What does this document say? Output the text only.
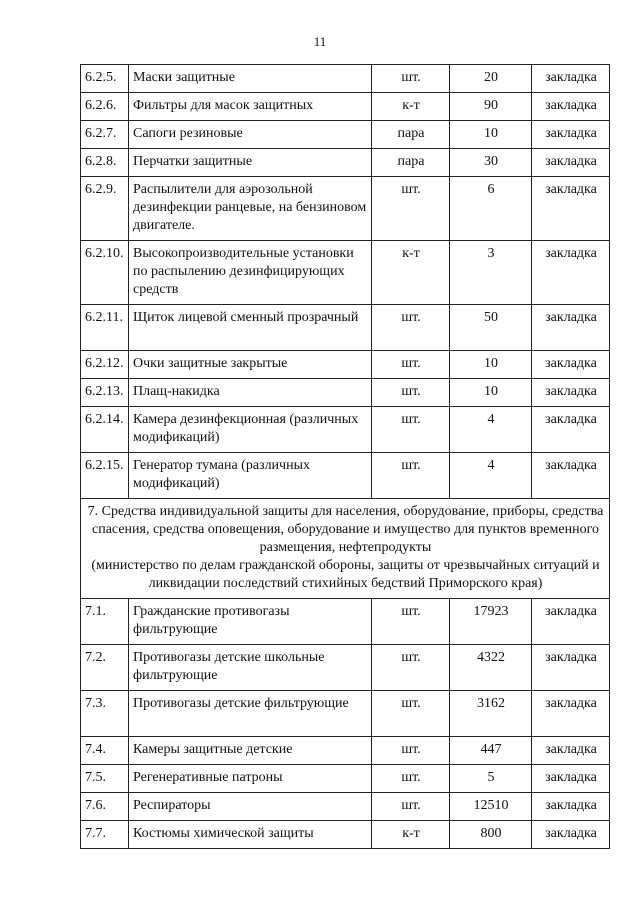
11
6.2.5.	Маски защитные	шт.	20	закладка
6.2.6.	Фильтры для масок защитных	к-т	90	закладка
6.2.7.	Сапоги резиновые	пара	10	закладка
6.2.8.	Перчатки защитные	пара	30	закладка
6.2.9.	Распылители для аэрозольной дезинфекции ранцевые, на бензиновом двигателе.	шт.	6	закладка
6.2.10.	Высокопроизводительные установки по распылению дезинфицирующих средств	к-т	3	закладка
6.2.11.	Щиток лицевой сменный прозрачный	шт.	50	закладка
6.2.12.	Очки защитные закрытые	шт.	10	закладка
6.2.13.	Плащ-накидка	шт.	10	закладка
6.2.14.	Камера дезинфекционная (различных модификаций)	шт.	4	закладка
6.2.15.	Генератор тумана (различных модификаций)	шт.	4	закладка

7. Средства индивидуальной защиты для населения, оборудование, приборы, средства спасения, средства оповещения, оборудование и имущество для пунктов временного размещения, нефтепродукты
(министерство по делам гражданской обороны, защиты от чрезвычайных ситуаций и ликвидации последствий стихийных бедствий Приморского края)				

7.1.	Гражданские противогазы фильтрующие	шт.	17923	закладка
7.2.	Противогазы детские школьные фильтрующие	шт.	4322	закладка
7.3.	Противогазы детские фильтрующие	шт.	3162	закладка
7.4.	Камеры защитные детские	шт.	447	закладка
7.5.	Регенеративные патроны	шт.	5	закладка
7.6.	Респираторы	шт.	12510	закладка
7.7.	Костюмы химической защиты	к-т	800	закладка
